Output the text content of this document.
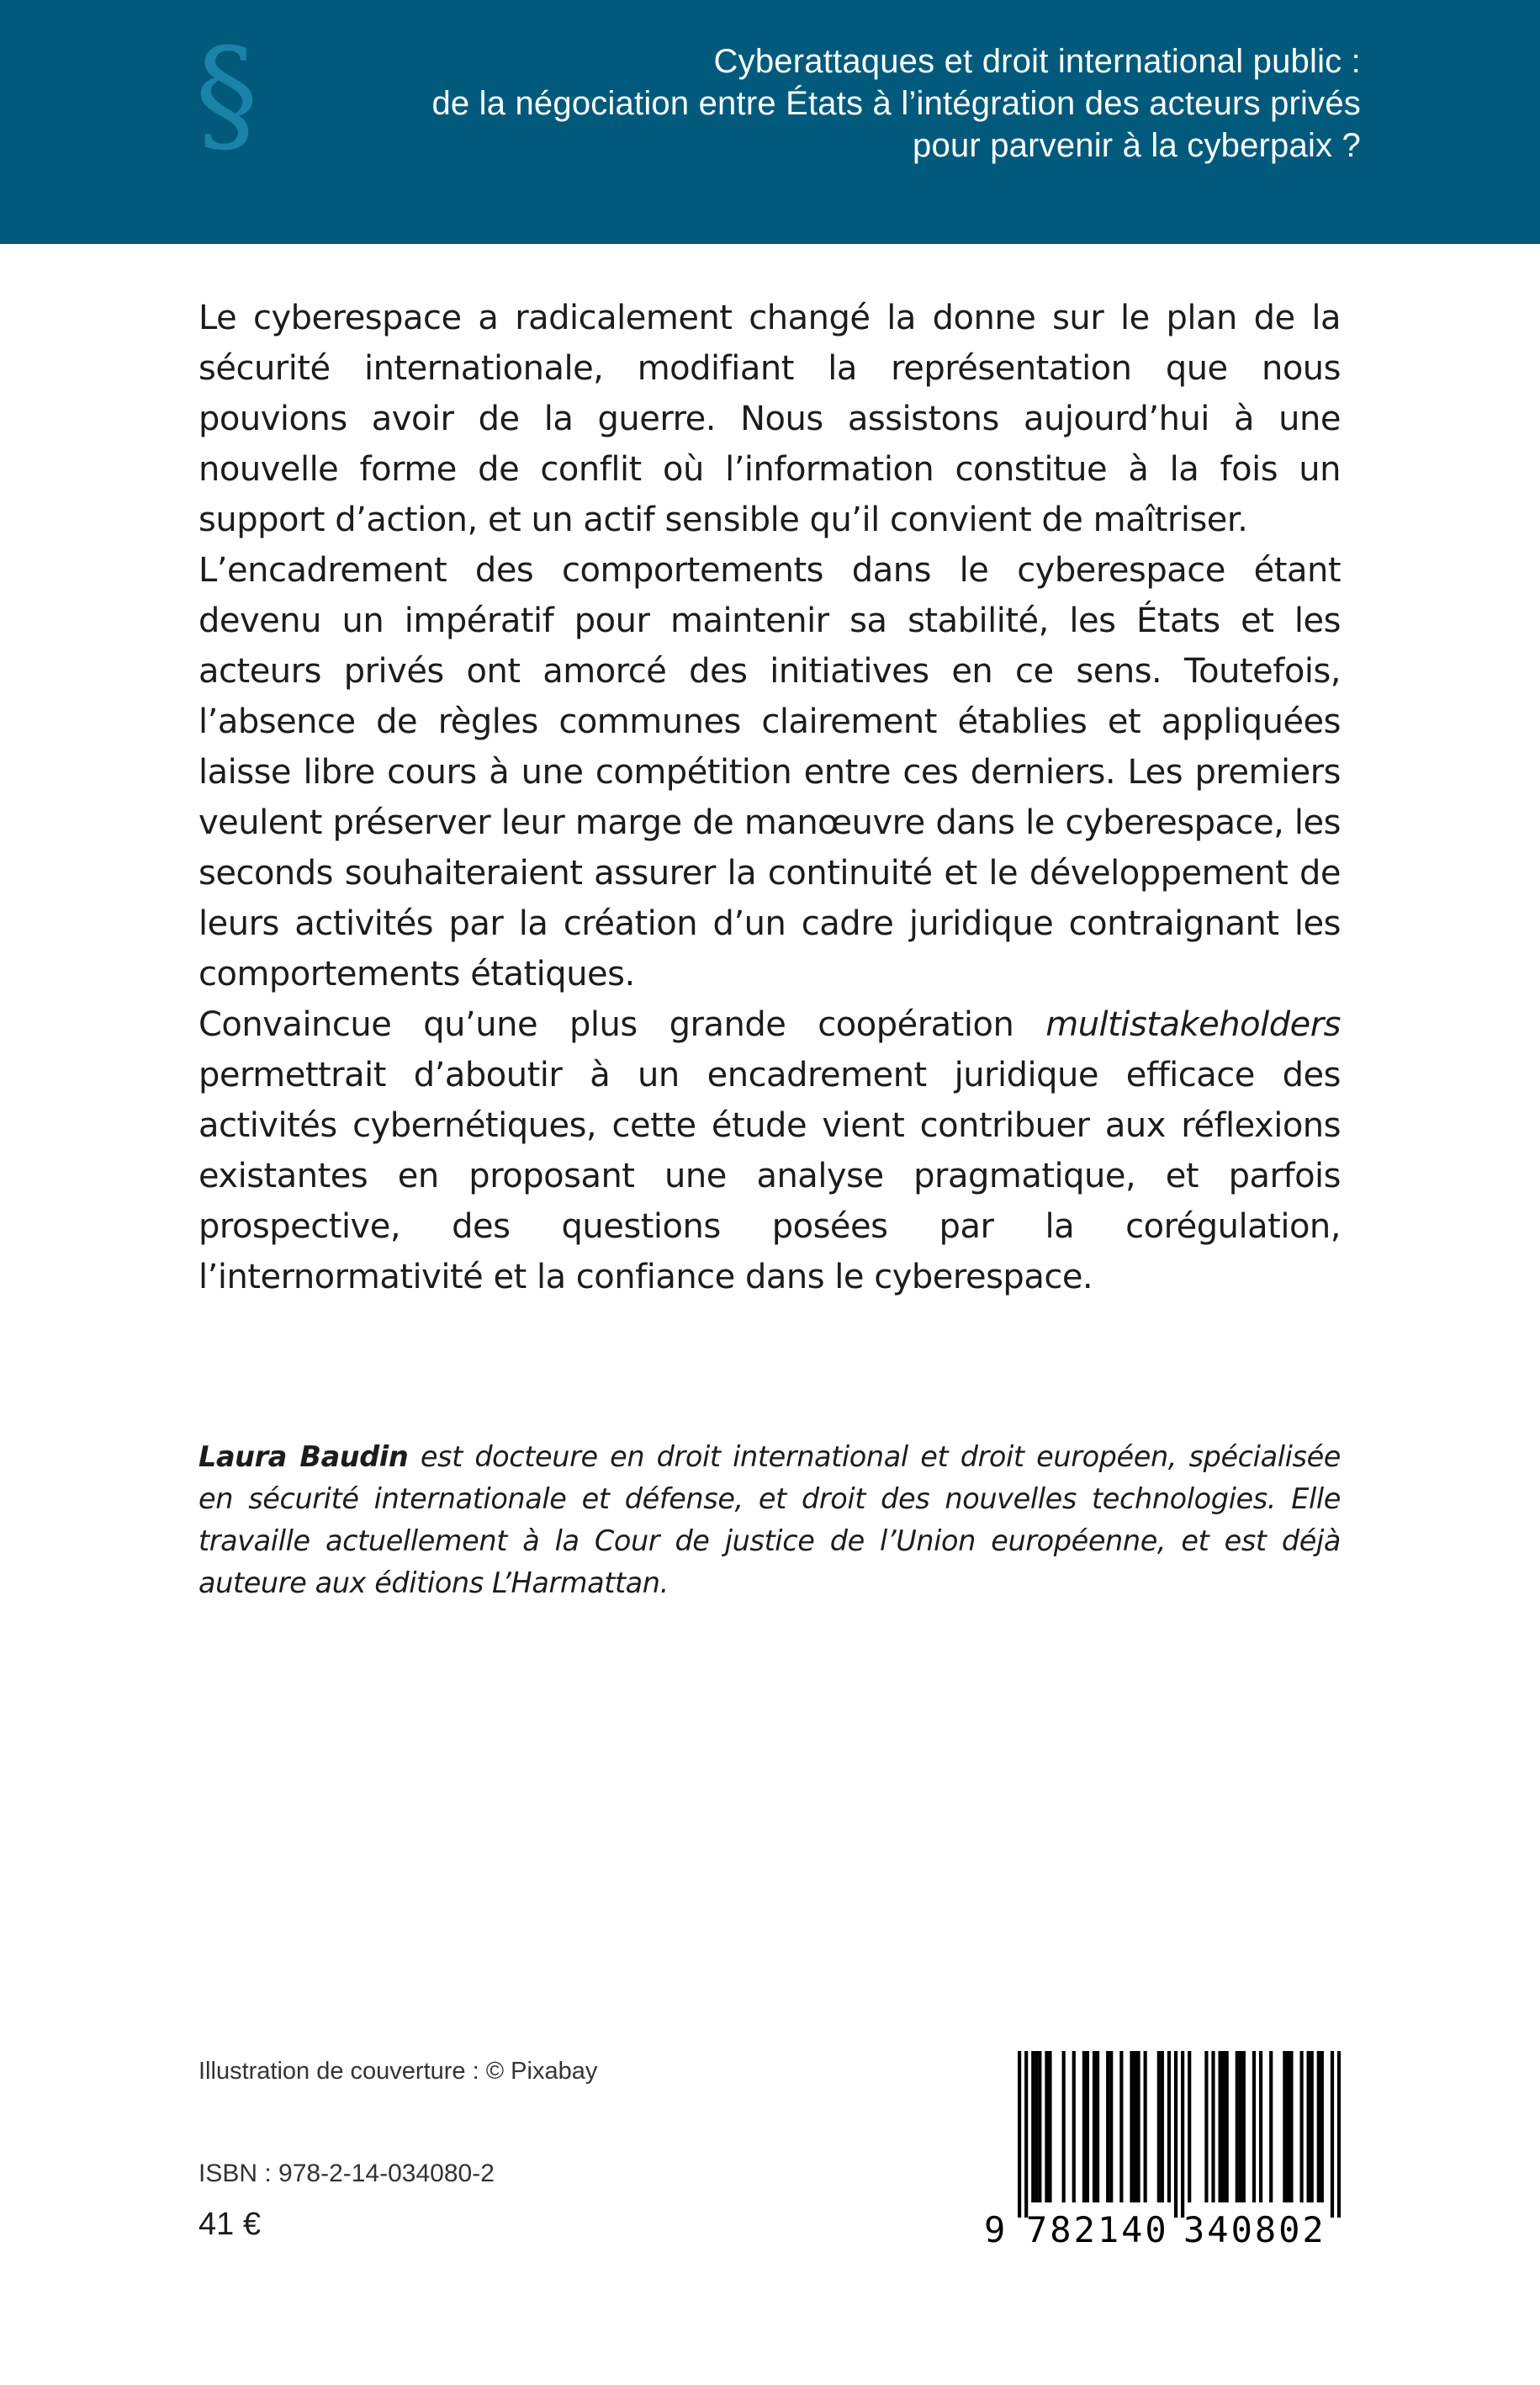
§	Cyberattaques et droit international public :
de la négociation entre États à l’intégration des acteurs privés
pour parvenir à la cyberpaix ?

Le cyberespace a radicalement changé la donne sur le plan de la sécurité internationale, modifiant la représentation que nous pouvions avoir de la guerre. Nous assistons aujourd’hui à une nouvelle forme de conflit où l’information constitue à la fois un support d’action, et un actif sensible qu’il convient de maîtriser.

L’encadrement des comportements dans le cyberespace étant devenu un impératif pour maintenir sa stabilité, les États et les acteurs privés ont amorcé des initiatives en ce sens. Toutefois, l’absence de règles communes clairement établies et appliquées laisse libre cours à une compétition entre ces derniers. Les premiers veulent préserver leur marge de manœuvre dans le cyberespace, les seconds souhaiteraient assurer la continuité et le développement de leurs activités par la création d’un cadre juridique contraignant les comportements étatiques.

Convaincue qu’une plus grande coopération multistakeholders permettrait d’aboutir à un encadrement juridique efficace des activités cybernétiques, cette étude vient contribuer aux réflexions existantes en proposant une analyse pragmatique, et parfois prospective, des questions posées par la corégulation, l’internormativité et la confiance dans le cyberespace.

Laura Baudin est docteure en droit international et droit européen, spécialisée en sécurité internationale et défense, et droit des nouvelles technologies. Elle travaille actuellement à la Cour de justice de l’Union européenne, et est déjà auteure aux éditions L’Harmattan.
Illustration de couverture : © Pixabay
ISBN : 978-2-14-034080-2
41 €	9 782140 340802
